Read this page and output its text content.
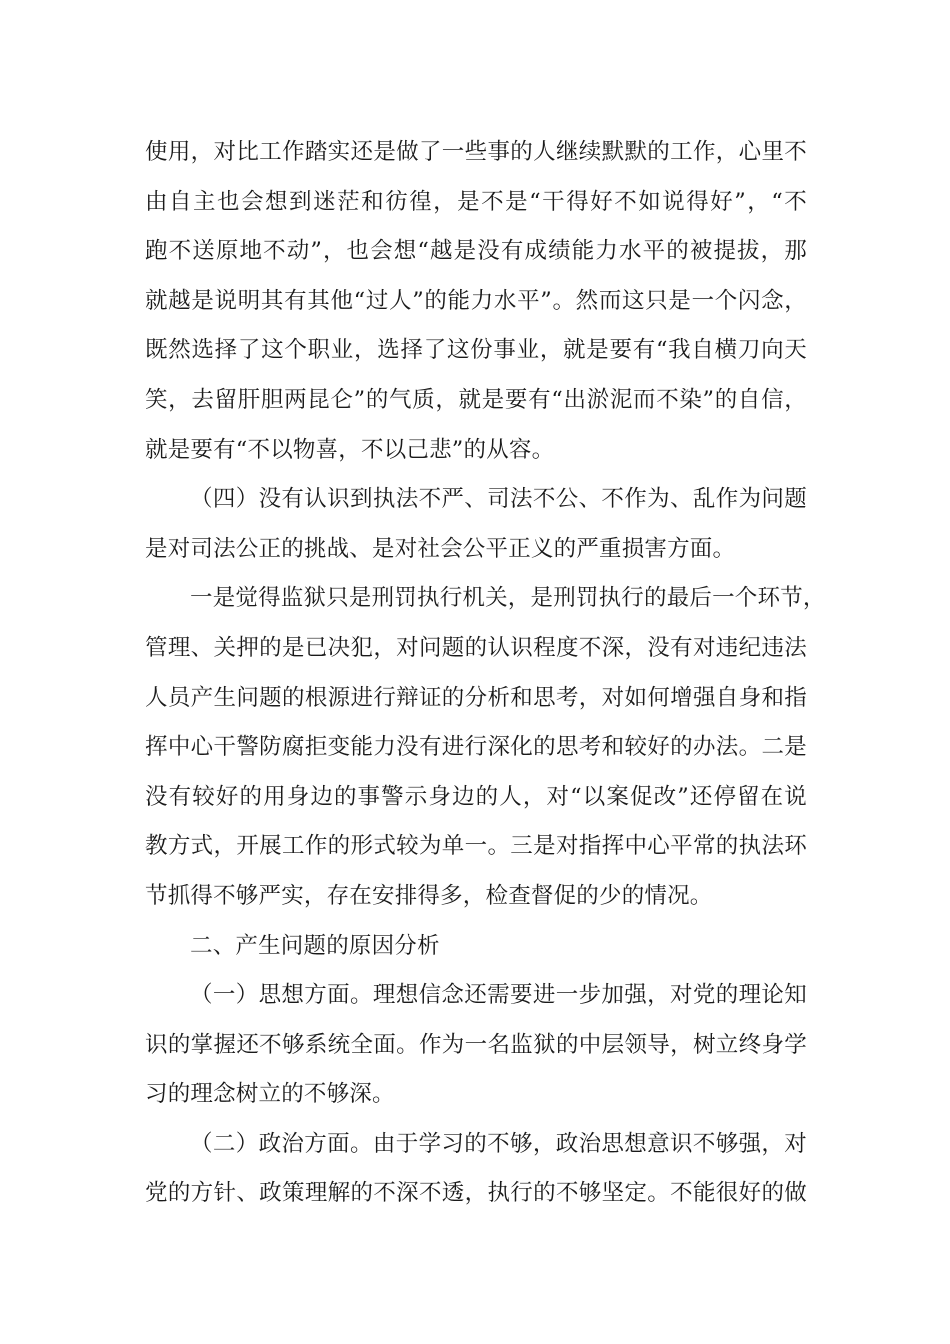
使用，对比工作踏实还是做了一些事的人继续默默的工作，心里不
由自主也会想到迷茫和彷徨，是不是“干得好不如说得好”，“不
跑不送原地不动”，也会想“越是没有成绩能力水平的被提拔，那
就越是说明其有其他“过人”的能力水平”。然而这只是一个闪念，
既然选择了这个职业，选择了这份事业，就是要有“我自横刀向天
笑，去留肝胆两昆仑”的气质，就是要有“出淤泥而不染”的自信，
就是要有“不以物喜，不以己悲”的从容。
（四）没有认识到执法不严、司法不公、不作为、乱作为问题
是对司法公正的挑战、是对社会公平正义的严重损害方面。
一是觉得监狱只是刑罚执行机关，是刑罚执行的最后一个环节，
管理、关押的是已决犯，对问题的认识程度不深，没有对违纪违法
人员产生问题的根源进行辩证的分析和思考，对如何增强自身和指
挥中心干警防腐拒变能力没有进行深化的思考和较好的办法。二是
没有较好的用身边的事警示身边的人，对“以案促改”还停留在说
教方式，开展工作的形式较为单一。三是对指挥中心平常的执法环
节抓得不够严实，存在安排得多，检查督促的少的情况。
二、产生问题的原因分析
（一）思想方面。理想信念还需要进一步加强，对党的理论知
识的掌握还不够系统全面。作为一名监狱的中层领导，树立终身学
习的理念树立的不够深。
（二）政治方面。由于学习的不够，政治思想意识不够强，对
党的方针、政策理解的不深不透，执行的不够坚定。不能很好的做
